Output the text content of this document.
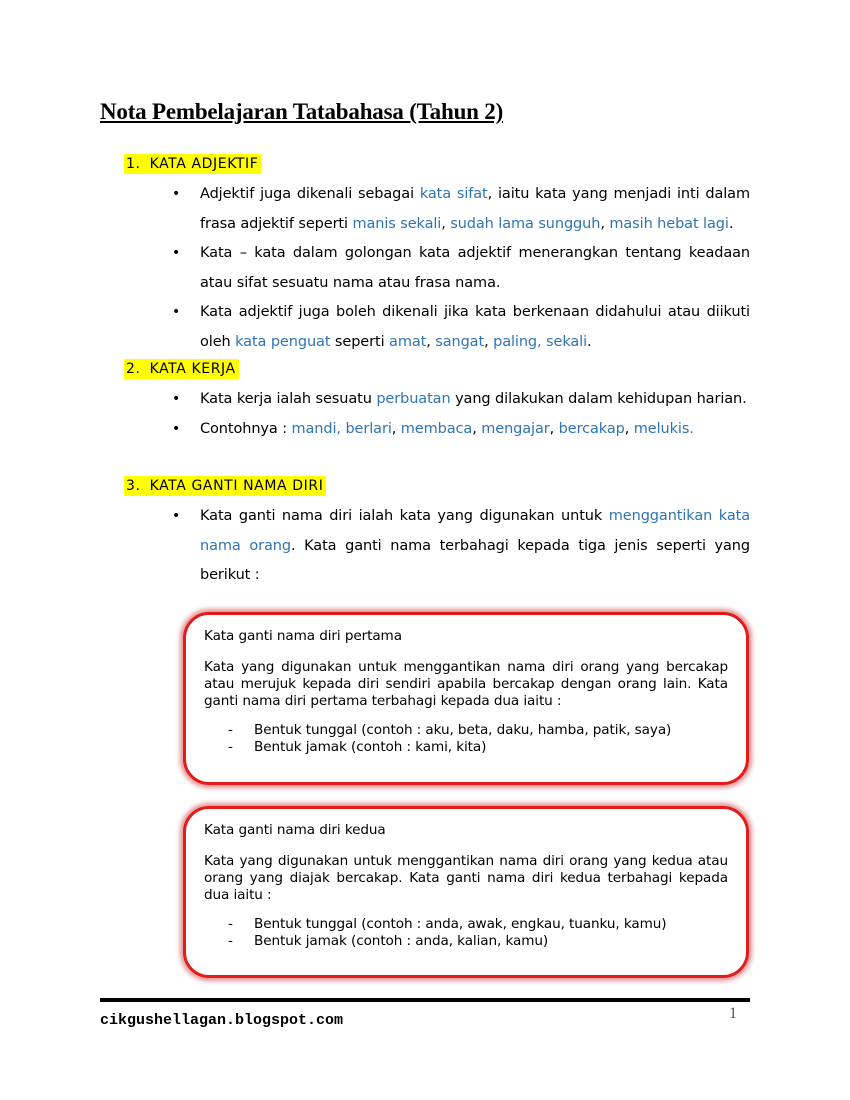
Nota Pembelajaran Tatabahasa (Tahun 2)
1. KATA ADJEKTIF
• Adjektif juga dikenali sebagai kata sifat, iaitu kata yang menjadi inti dalam frasa adjektif seperti manis sekali, sudah lama sungguh, masih hebat lagi.
• Kata – kata dalam golongan kata adjektif menerangkan tentang keadaan atau sifat sesuatu nama atau frasa nama.
• Kata adjektif juga boleh dikenali jika kata berkenaan didahului atau diikuti oleh kata penguat seperti amat, sangat, paling, sekali.
2. KATA KERJA
• Kata kerja ialah sesuatu perbuatan yang dilakukan dalam kehidupan harian.
• Contohnya : mandi, berlari, membaca, mengajar, bercakap, melukis.
3. KATA GANTI NAMA DIRI
• Kata ganti nama diri ialah kata yang digunakan untuk menggantikan kata nama orang. Kata ganti nama terbahagi kepada tiga jenis seperti yang berikut :

Kata ganti nama diri pertama

Kata yang digunakan untuk menggantikan nama diri orang yang bercakap atau merujuk kepada diri sendiri apabila bercakap dengan orang lain. Kata ganti nama diri pertama terbahagi kepada dua iaitu :

- Bentuk tunggal (contoh : aku, beta, daku, hamba, patik, saya)
- Bentuk jamak (contoh : kami, kita)

Kata ganti nama diri kedua

Kata yang digunakan untuk menggantikan nama diri orang yang kedua atau orang yang diajak bercakap. Kata ganti nama diri kedua terbahagi kepada dua iaitu :

- Bentuk tunggal (contoh : anda, awak, engkau, tuanku, kamu)
- Bentuk jamak (contoh : anda, kalian, kamu)
cikgushellagan.blogspot.com	1
